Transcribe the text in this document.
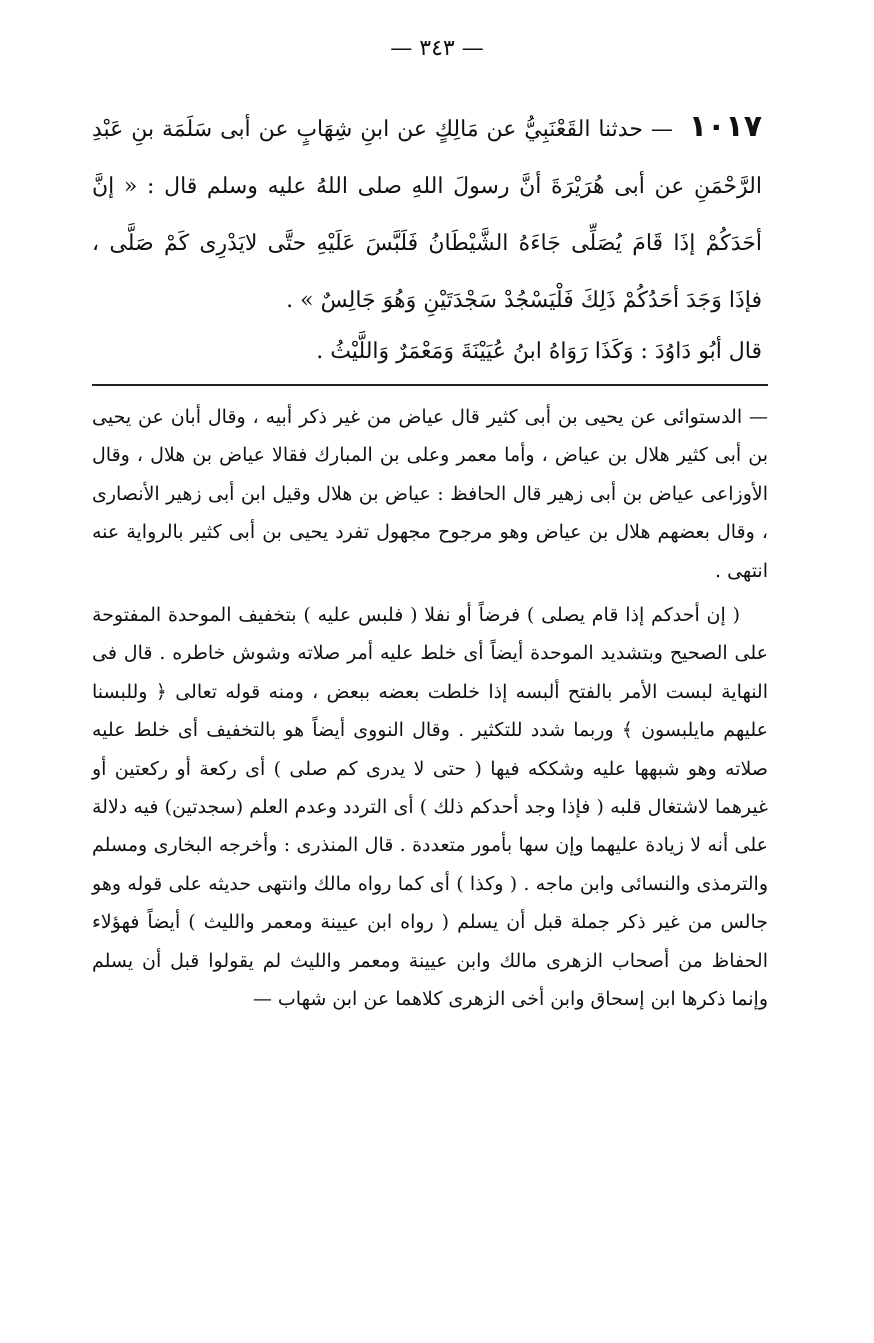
— ٣٤٣ —
١٠١٧ — حدثنا القَعْنَبِيُّ عن مَالِكٍ عن ابنِ شِهَابٍ عن أبى سَلَمَة بنِ عَبْدِ الرَّحْمَنِ عن أبى هُرَيْرَةَ أنَّ رسولَ اللهِ صلى اللهُ عليه وسلم قال : « إنَّ أحَدَكُمْ إذَا قَامَ يُصَلِّى جَاءَهُ الشَّيْطَانُ فَلَبَّسَ عَلَيْهِ حتَّى لايَدْرِى كَمْ صَلَّى ، فإذَا وَجَدَ أحَدُكُمْ ذَلِكَ فَلْيَسْجُدْ سَجْدَتَيْنِ وَهُوَ جَالِسٌ » .
قال أبُو دَاوُدَ : وَكَذَا رَوَاهُ ابنُ عُيَيْنَةَ وَمَعْمَرٌ وَاللَّيْثُ .

— الدستوائى عن يحيى بن أبى كثير قال عياض من غير ذكر أبيه ، وقال أبان عن يحيى بن أبى كثير هلال بن عياض ، وأما معمر وعلى بن المبارك فقالا عياض بن هلال ، وقال الأوزاعى عياض بن أبى زهير قال الحافظ : عياض بن هلال وقيل ابن أبى زهير الأنصارى ، وقال بعضهم هلال بن عياض وهو مرجوح مجهول تفرد يحيى بن أبى كثير بالرواية عنه انتهى .

( إن أحدكم إذا قام يصلى ) فرضاً أو نفلا ( فلبس عليه ) بتخفيف الموحدة المفتوحة على الصحيح وبتشديد الموحدة أيضاً أى خلط عليه أمر صلاته وشوش خاطره . قال فى النهاية لبست الأمر بالفتح ألبسه إذا خلطت بعضه ببعض ، ومنه قوله تعالى ﴿ وللبسنا عليهم مايلبسون ﴾ وربما شدد للتكثير . وقال النووى أيضاً هو بالتخفيف أى خلط عليه صلاته وهو شبهها عليه وشككه فيها ( حتى لا يدرى كم صلى ) أى ركعة أو ركعتين أو غيرهما لاشتغال قلبه ( فإذا وجد أحدكم ذلك ) أى التردد وعدم العلم (سجدتين) فيه دلالة على أنه لا زيادة عليهما وإن سها بأمور متعددة . قال المنذرى : وأخرجه البخارى ومسلم والترمذى والنسائى وابن ماجه . ( وكذا ) أى كما رواه مالك وانتهى حديثه على قوله وهو جالس من غير ذكر جملة قبل أن يسلم ( رواه ابن عيينة ومعمر والليث ) أيضاً فهؤلاء الحفاظ من أصحاب الزهرى مالك وابن عيينة ومعمر والليث لم يقولوا قبل أن يسلم وإنما ذكرها ابن إسحاق وابن أخى الزهرى كلاهما عن ابن شهاب —
